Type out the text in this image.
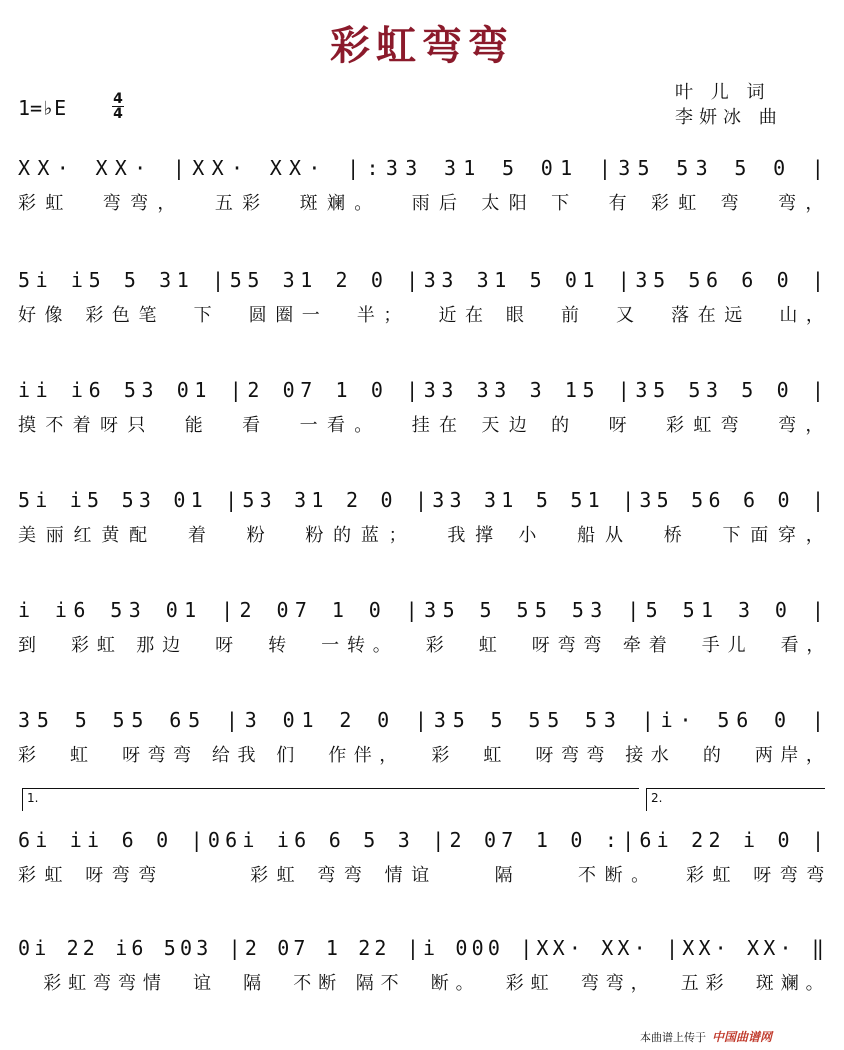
彩虹弯弯
1=♭E	4
4
叶 儿 词
李妍冰 曲
XX· XX· |XX· XX· |:33 31 5 01 |35 53 5 0 |
彩虹  弯弯，  五彩  斑斓。  雨后 太阳 下  有 彩虹 弯  弯，
5i i5 5 31 |55 31 2 0 |33 31 5 01 |35 56 6 0 |
好像 彩色笔  下  圆圈一  半；  近在 眼  前  又  落在远  山，
ii i6 53 01 |2 07 1 0 |33 33 3 15 |35 53 5 0 |
摸不着呀只  能  看  一看。  挂在 天边 的  呀  彩虹弯  弯，
5i i5 53 01 |53 31 2 0 |33 31 5 51 |35 56 6 0 |
美丽红黄配  着  粉  粉的蓝；  我撑 小  船从  桥  下面穿，
i i6 53 01 |2 07 1 0 |35 5 55 53 |5 51 3 0 |
到  彩虹 那边  呀  转  一转。  彩  虹  呀弯弯 牵着  手儿  看，
35 5 55 65 |3 01 2 0 |35 5 55 53 |i· 56 0 |
彩  虹  呀弯弯 给我 们  作伴，  彩  虹  呀弯弯 接水  的  两岸，
1.	2.
6i ii 6 0 |06i i6 6 5 3 |2 07 1 0 :|6i 22 i 0 |
彩虹 呀弯弯      彩虹 弯弯 情谊    隔    不断。  彩虹 呀弯弯
0i 22 i6 503 |2 07 1 22 |i 000 |XX· XX· |XX· XX· ‖
彩虹弯弯情  谊  隔  不断 隔不  断。  彩虹  弯弯，  五彩  斑斓。
本曲谱上传于 中国曲谱网
